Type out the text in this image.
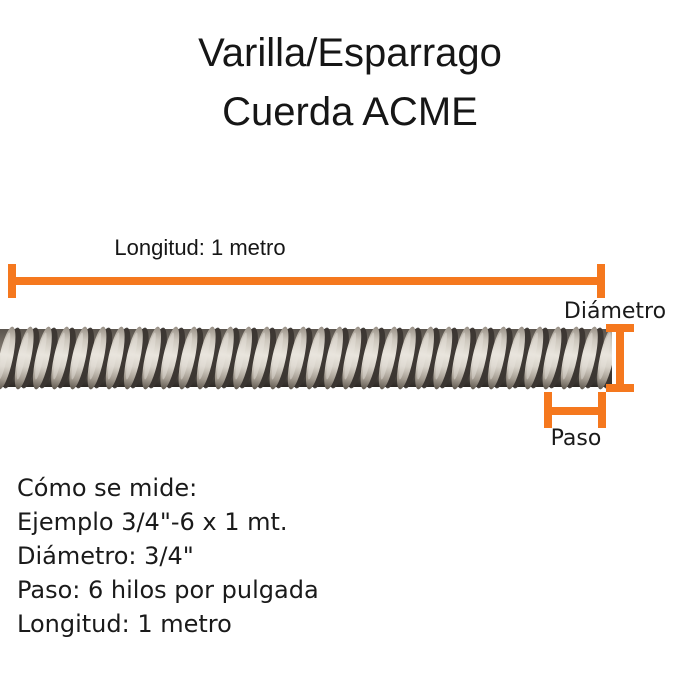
Varilla/Esparrago
Cuerda ACME
Longitud: 1 metro
Diámetro
Paso

Cómo se mide:

Ejemplo 3/4"-6 x 1 mt.

Diámetro: 3/4"

Paso: 6 hilos por pulgada

Longitud: 1 metro
